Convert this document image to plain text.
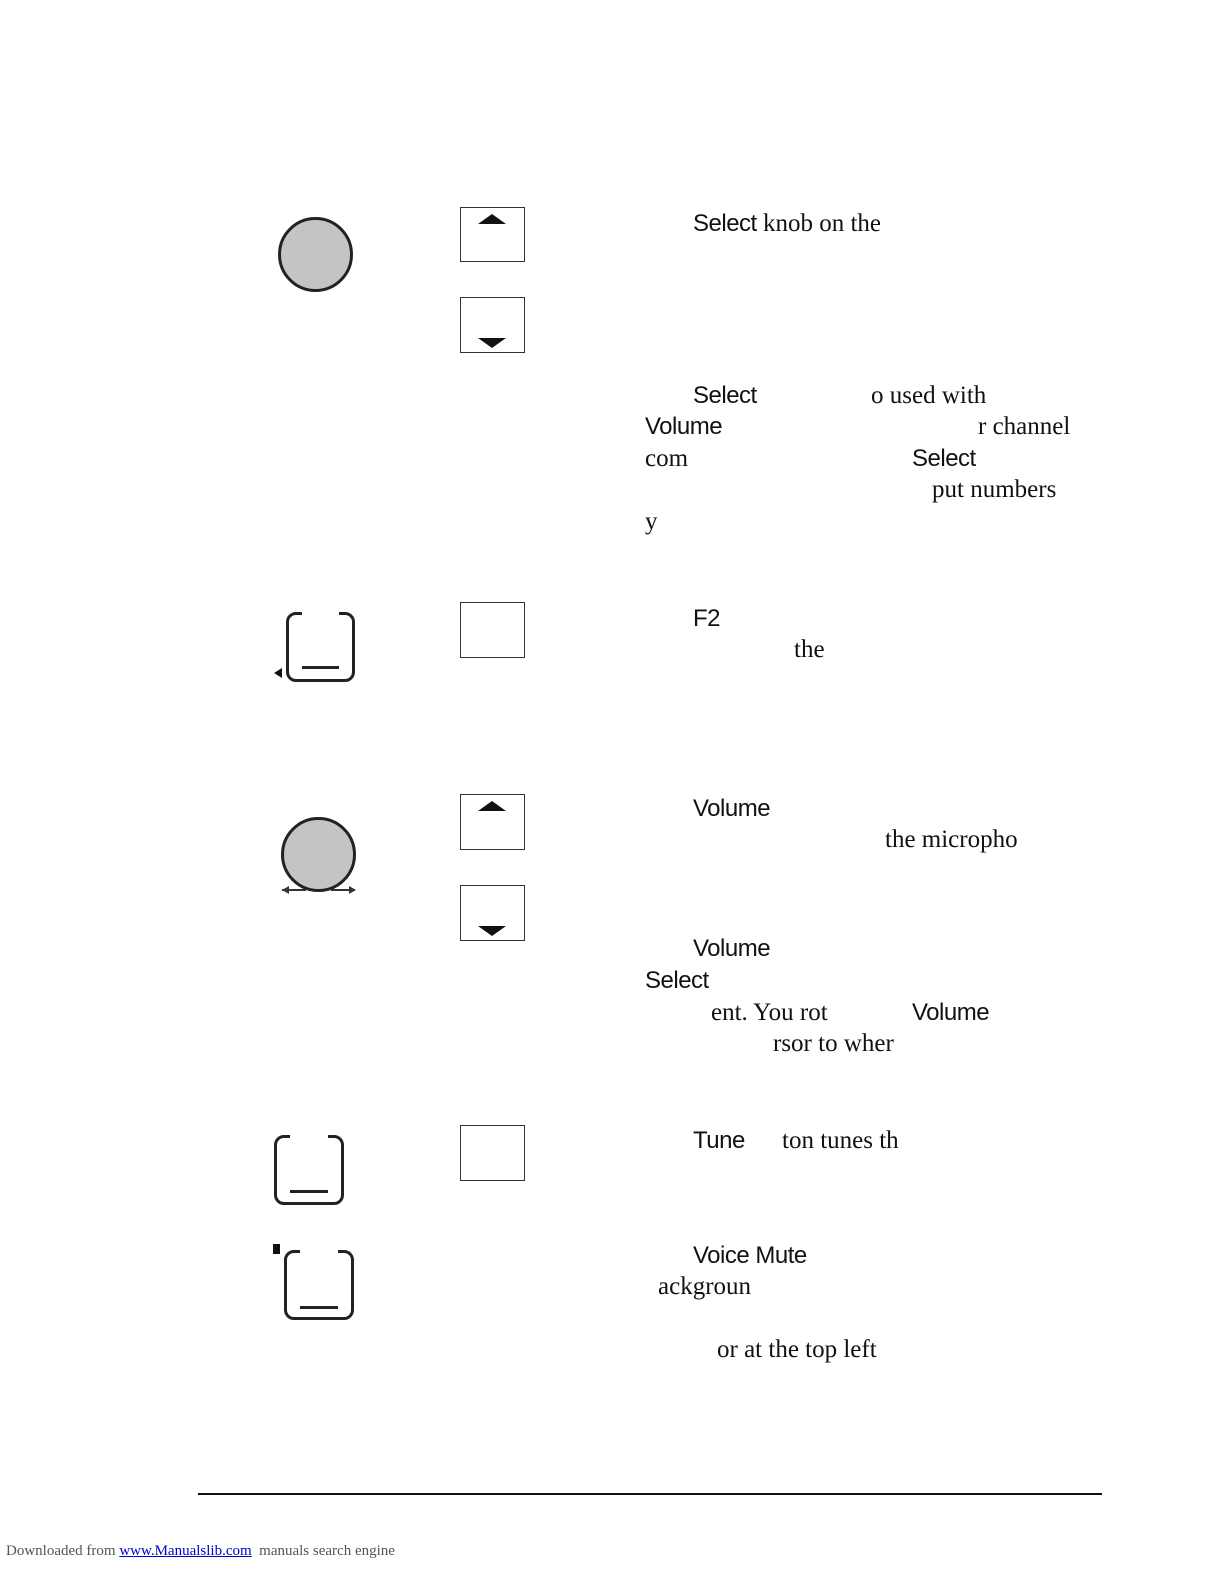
Select knob on the
Select	o used with
Volume	r channel
com	Select
put numbers
y
F2
the
Volume
the micropho
Volume
Select
ent. You rot	Volume
rsor to wher
Tune ton tunes th
Voice Mute
ackgroun
or at the top left
Downloaded from www.Manualslib.com  manuals search engine
